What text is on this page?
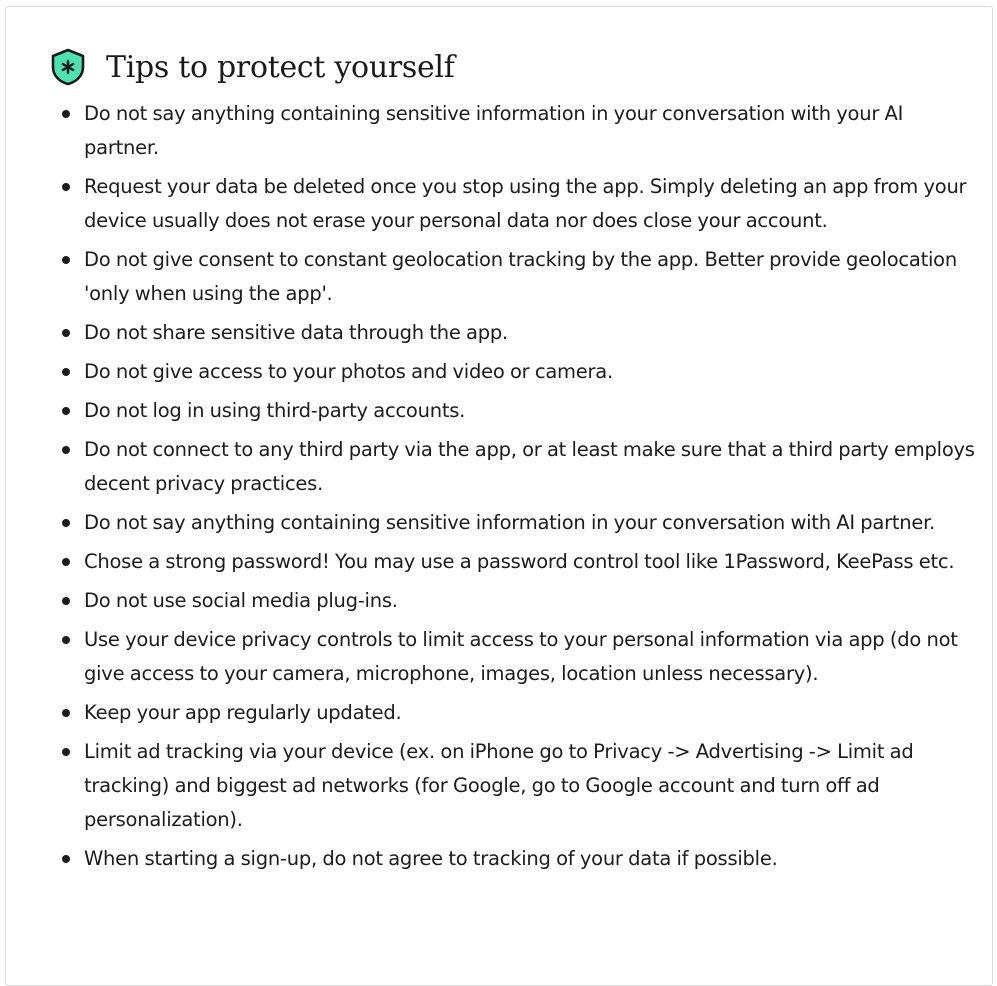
Tips to protect yourself
Do not say anything containing sensitive information in your conversation with your AI partner.
Request your data be deleted once you stop using the app. Simply deleting an app from your device usually does not erase your personal data nor does close your account.
Do not give consent to constant geolocation tracking by the app. Better provide geolocation 'only when using the app'.
Do not share sensitive data through the app.
Do not give access to your photos and video or camera.
Do not log in using third-party accounts.
Do not connect to any third party via the app, or at least make sure that a third party employs decent privacy practices.
Do not say anything containing sensitive information in your conversation with AI partner.
Chose a strong password! You may use a password control tool like 1Password, KeePass etc.
Do not use social media plug-ins.
Use your device privacy controls to limit access to your personal information via app (do not give access to your camera, microphone, images, location unless necessary).
Keep your app regularly updated.
Limit ad tracking via your device (ex. on iPhone go to Privacy -> Advertising -> Limit ad tracking) and biggest ad networks (for Google, go to Google account and turn off ad personalization).
When starting a sign-up, do not agree to tracking of your data if possible.
